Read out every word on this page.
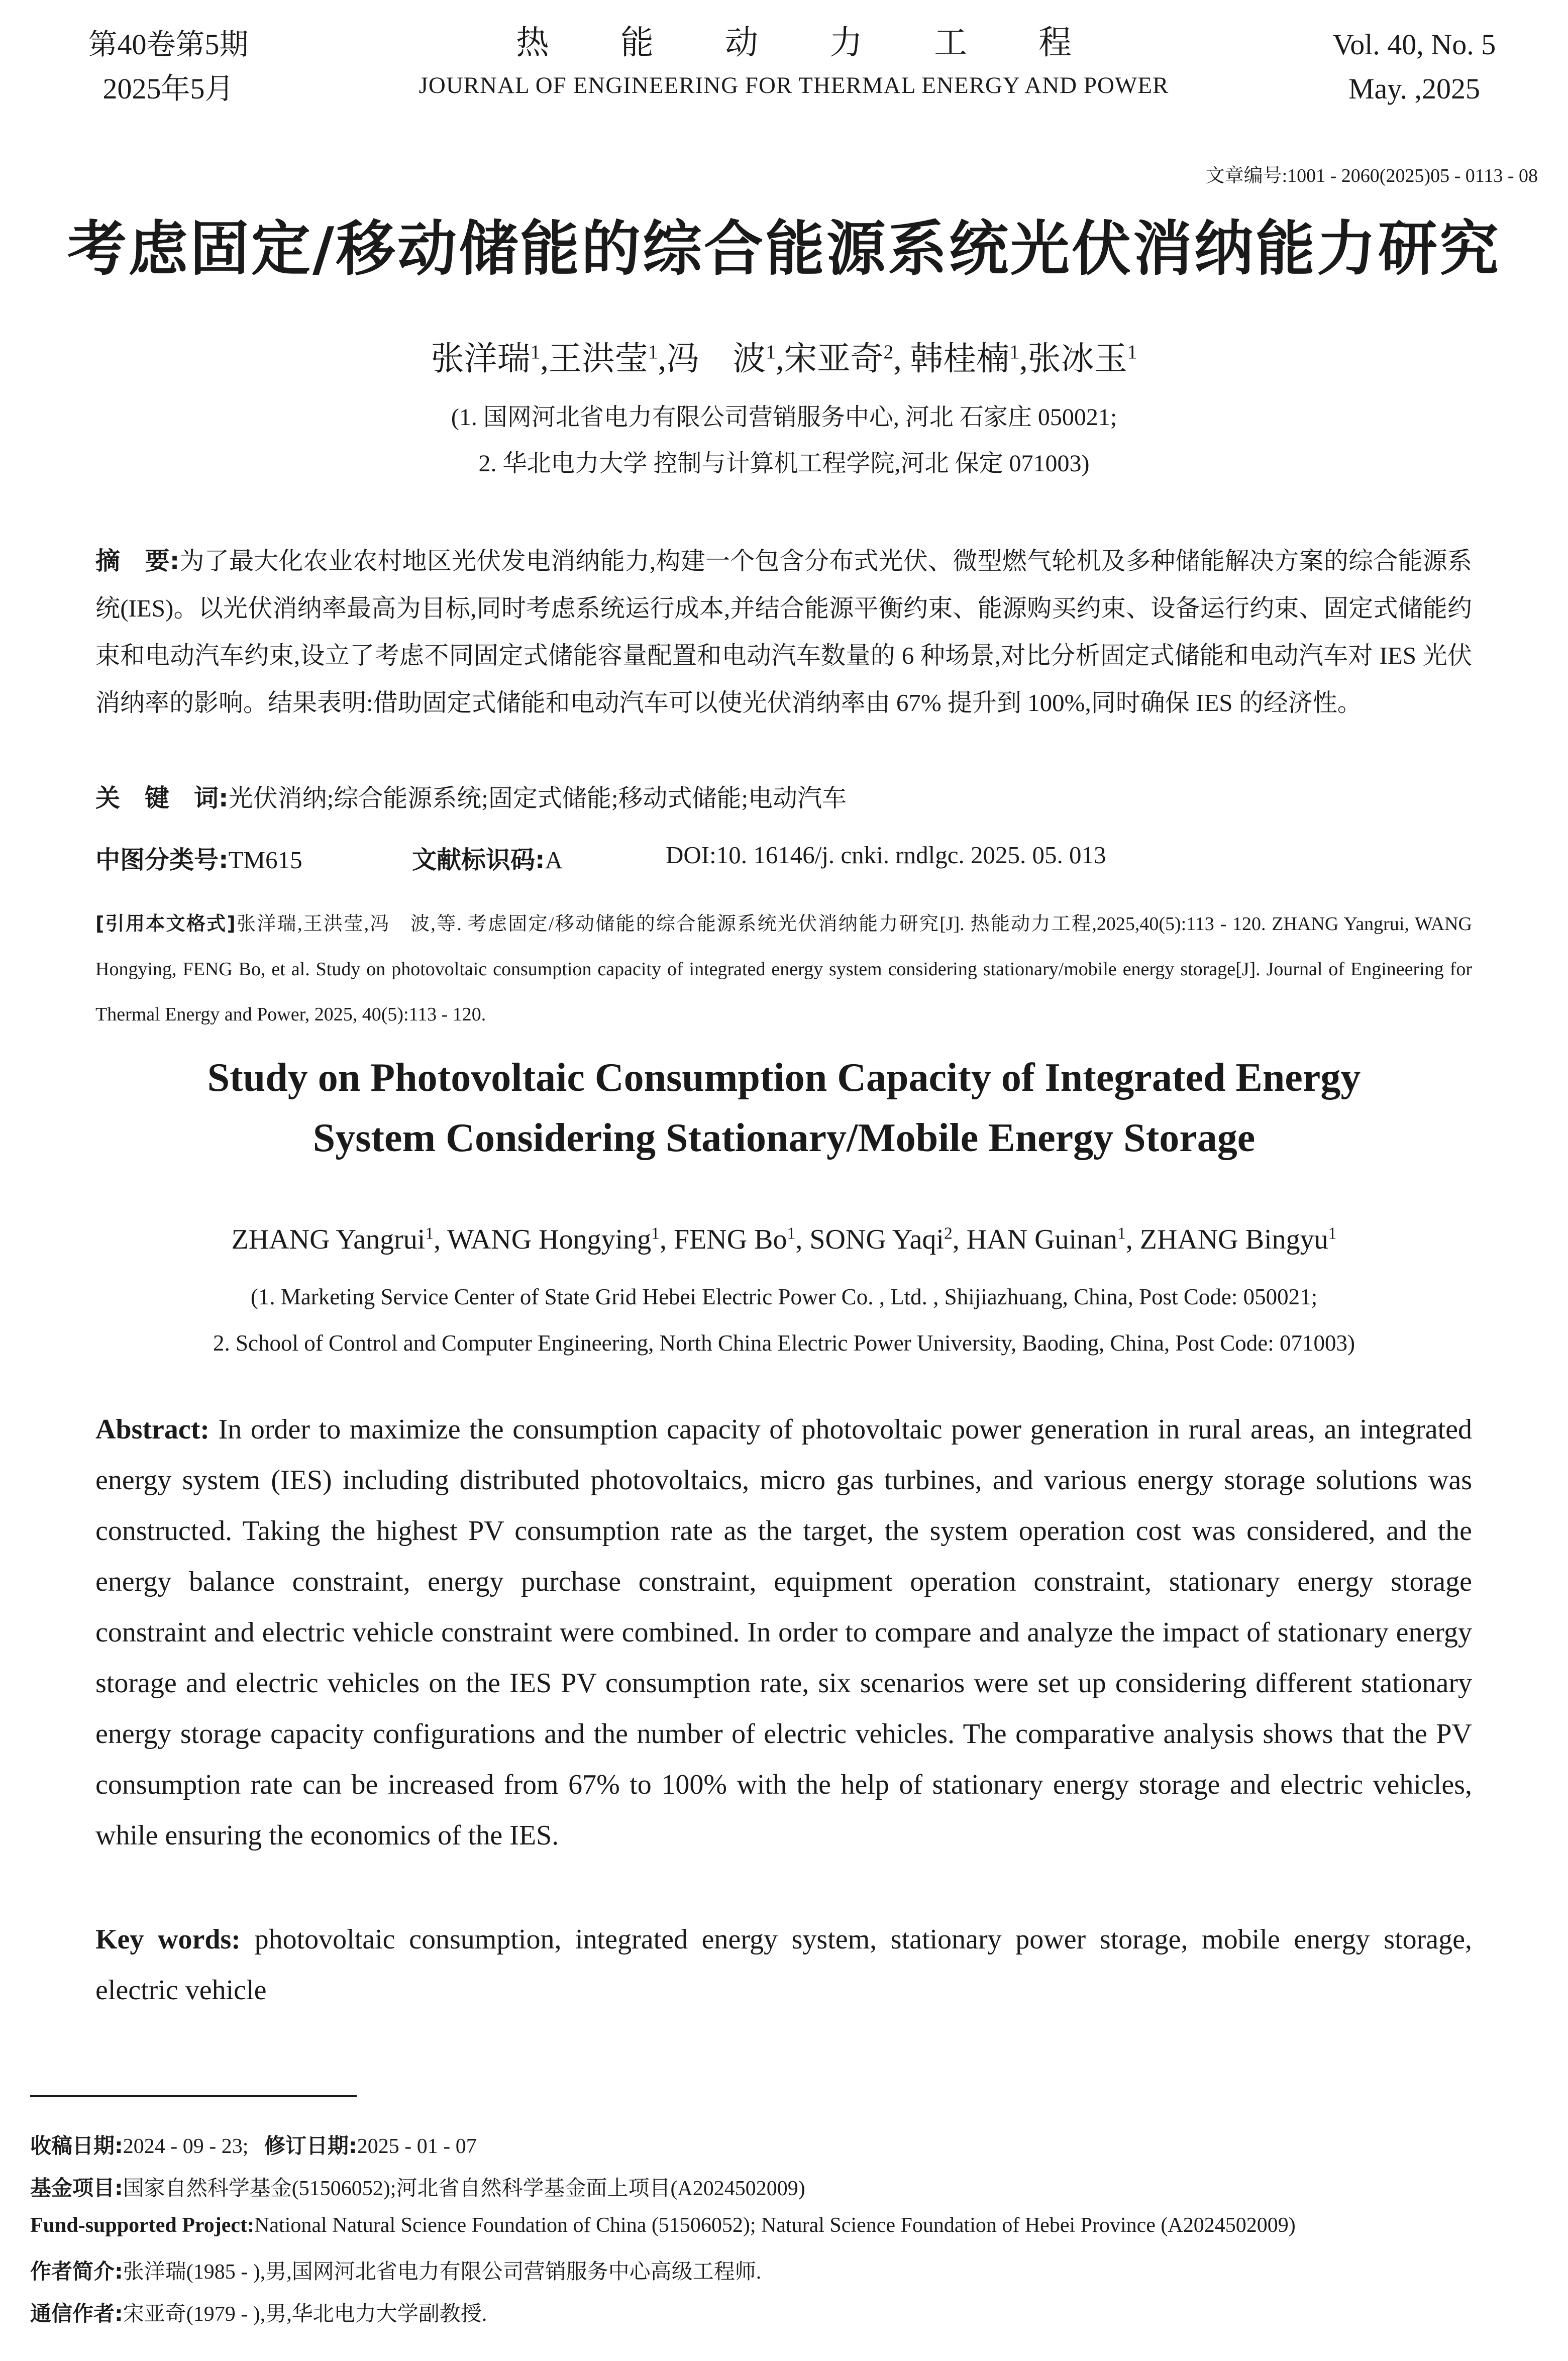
第40卷第5期
2025年5月
热能动力工程
JOURNAL OF ENGINEERING FOR THERMAL ENERGY AND POWER
Vol. 40, No. 5
May. ,2025
文章编号:1001 - 2060(2025)05 - 0113 - 08
考虑固定/移动储能的综合能源系统光伏消纳能力研究
张洋瑞$^1$,王洪莹$^1$,冯　波$^1$,宋亚奇$^2$, 韩桂楠$^1$,张冰玉$^1$
(1. 国网河北省电力有限公司营销服务中心, 河北 石家庄 050021;
2. 华北电力大学 控制与计算机工程学院,河北 保定 071003)
摘　要:为了最大化农业农村地区光伏发电消纳能力,构建一个包含分布式光伏、微型燃气轮机及多种储能解决方案的综合能源系统(IES)。以光伏消纳率最高为目标,同时考虑系统运行成本,并结合能源平衡约束、能源购买约束、设备运行约束、固定式储能约束和电动汽车约束,设立了考虑不同固定式储能容量配置和电动汽车数量的 6 种场景,对比分析固定式储能和电动汽车对 IES 光伏消纳率的影响。结果表明:借助固定式储能和电动汽车可以使光伏消纳率由 67% 提升到 100%,同时确保 IES 的经济性。
关　键　词:光伏消纳;综合能源系统;固定式储能;移动式储能;电动汽车
中图分类号:TM615	文献标识码:A	DOI:10. 16146/j. cnki. rndlgc. 2025. 05. 013
[引用本文格式]张洋瑞,王洪莹,冯　波,等. 考虑固定/移动储能的综合能源系统光伏消纳能力研究[J]. 热能动力工程,2025,40(5):113 - 120. ZHANG Yangrui, WANG Hongying, FENG Bo, et al. Study on photovoltaic consumption capacity of integrated energy system considering stationary/mobile energy storage[J]. Journal of Engineering for Thermal Energy and Power, 2025, 40(5):113 - 120.
Study on Photovoltaic Consumption Capacity of Integrated Energy
System Considering Stationary/Mobile Energy Storage
ZHANG Yangrui$^1$, WANG Hongying$^1$, FENG Bo$^1$, SONG Yaqi$^2$, HAN Guinan$^1$, ZHANG Bingyu$^1$
(1. Marketing Service Center of State Grid Hebei Electric Power Co. , Ltd. , Shijiazhuang, China, Post Code: 050021;
2. School of Control and Computer Engineering, North China Electric Power University, Baoding, China, Post Code: 071003)
Abstract: In order to maximize the consumption capacity of photovoltaic power generation in rural areas, an integrated energy system (IES) including distributed photovoltaics, micro gas turbines, and various energy storage solutions was constructed. Taking the highest PV consumption rate as the target, the system operation cost was considered, and the energy balance constraint, energy purchase constraint, equipment operation constraint, stationary energy storage constraint and electric vehicle constraint were combined. In order to compare and analyze the impact of stationary energy storage and electric vehicles on the IES PV consumption rate, six scenarios were set up considering different stationary energy storage capacity configurations and the number of electric vehicles. The comparative analysis shows that the PV consumption rate can be increased from 67% to 100% with the help of stationary energy storage and electric vehicles, while ensuring the economics of the IES.
Key words: photovoltaic consumption, integrated energy system, stationary power storage, mobile energy storage, electric vehicle
收稿日期:2024 - 09 - 23; 修订日期:2025 - 01 - 07
基金项目:国家自然科学基金(51506052);河北省自然科学基金面上项目(A2024502009)
Fund-supported Project:National Natural Science Foundation of China (51506052); Natural Science Foundation of Hebei Province (A2024502009)
作者简介:张洋瑞(1985 - ),男,国网河北省电力有限公司营销服务中心高级工程师.
通信作者:宋亚奇(1979 - ),男,华北电力大学副教授.
